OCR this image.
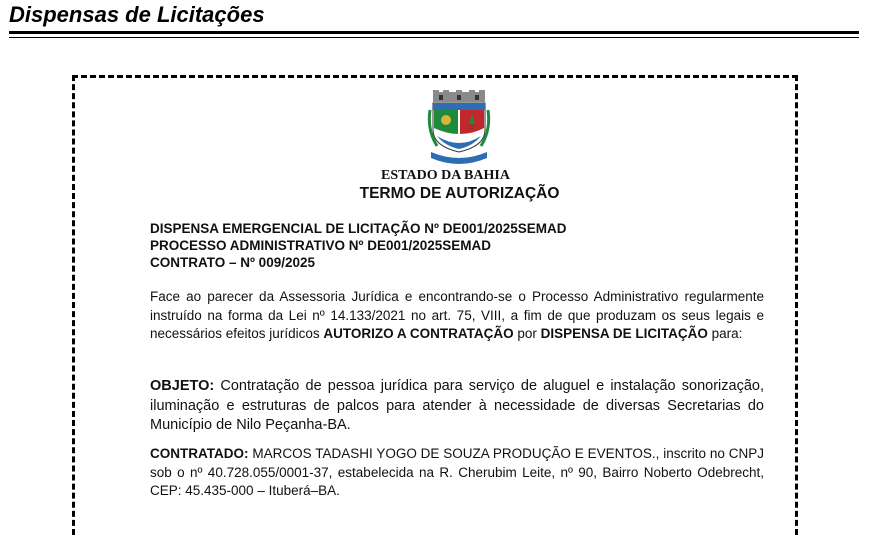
Dispensas de Licitações
ESTADO DA BAHIA
TERMO DE AUTORIZAÇÃO
DISPENSA EMERGENCIAL DE LICITAÇÃO Nº DE001/2025SEMAD
PROCESSO ADMINISTRATIVO Nº DE001/2025SEMAD
CONTRATO – Nº 009/2025
Face ao parecer da Assessoria Jurídica e encontrando-se o Processo Administrativo regularmente instruído na forma da Lei nº 14.133/2021 no art. 75, VIII, a fim de que produzam os seus legais e necessários efeitos jurídicos AUTORIZO A CONTRATAÇÃO por DISPENSA DE LICITAÇÃO para:
OBJETO: Contratação de pessoa jurídica para serviço de aluguel e instalação sonorização, iluminação e estruturas de palcos para atender à necessidade de diversas Secretarias do Município de Nilo Peçanha-BA.
CONTRATADO: MARCOS TADASHI YOGO DE SOUZA PRODUÇÃO E EVENTOS., inscrito no CNPJ sob o nº 40.728.055/0001-37, estabelecida na R. Cherubim Leite, nº 90, Bairro Noberto Odebrecht, CEP: 45.435-000 – Ituberá–BA.
